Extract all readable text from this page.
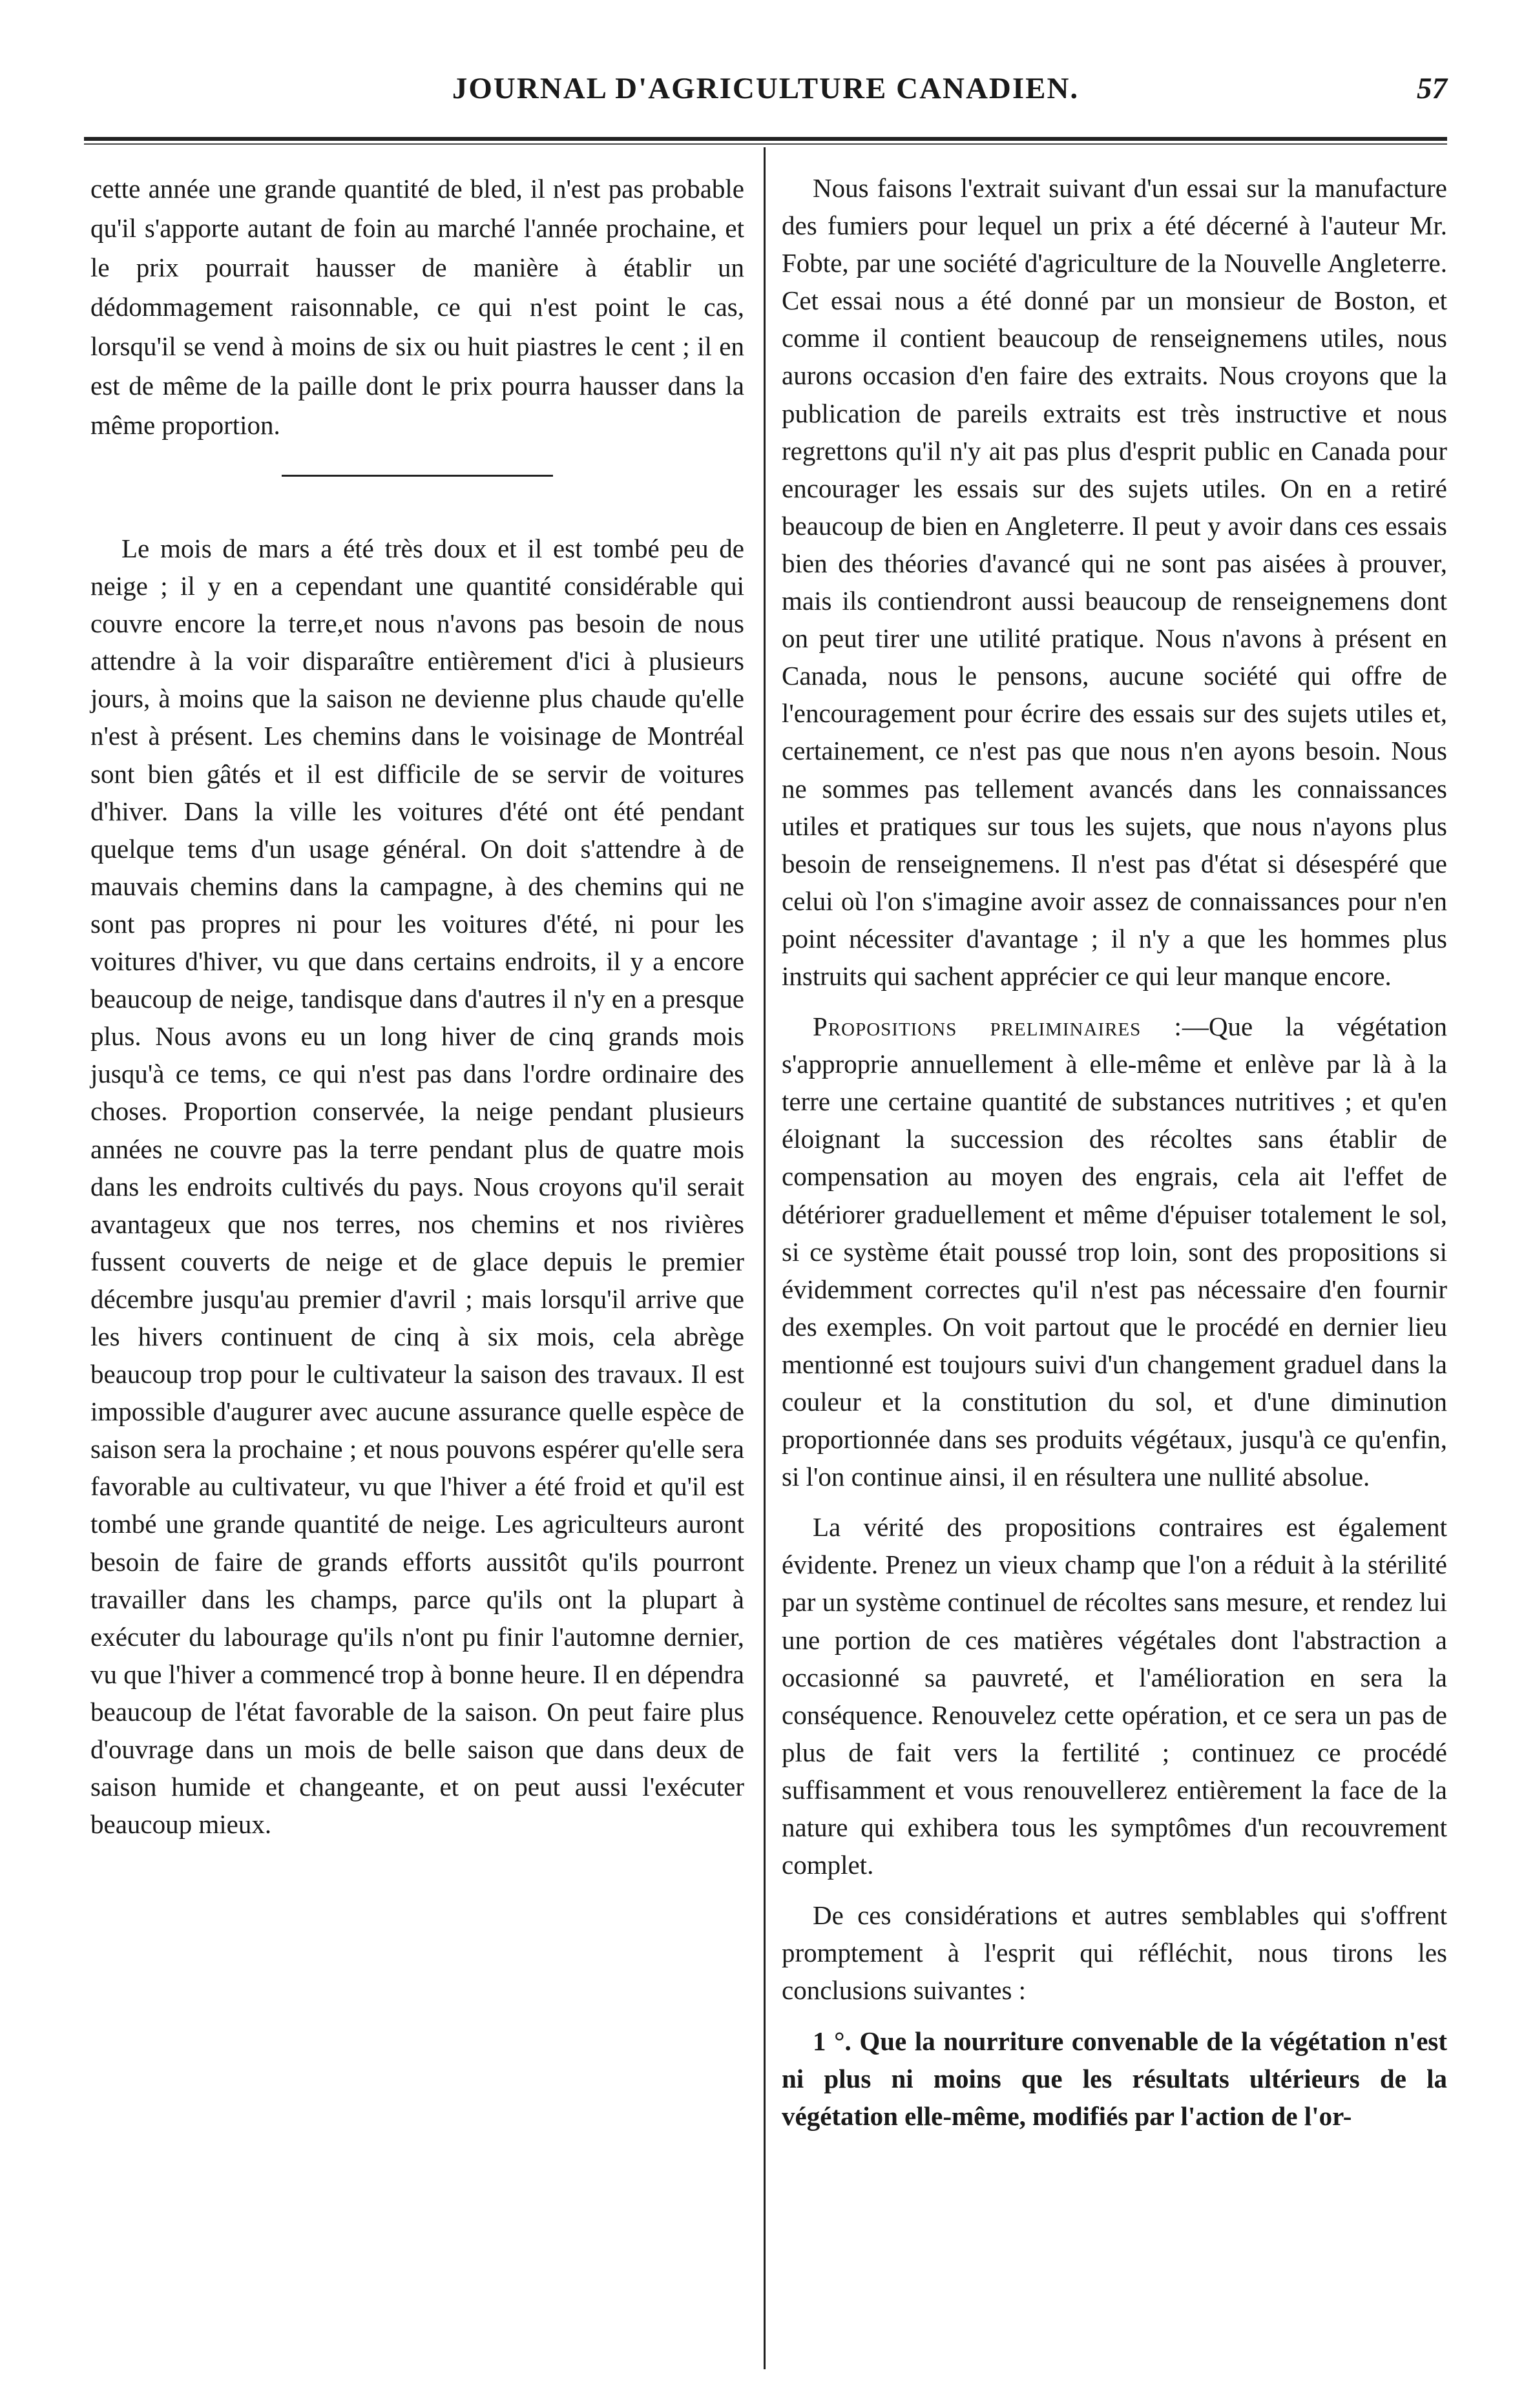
JOURNAL D'AGRICULTURE CANADIEN.	57

cette année une grande quantité de bled, il n'est pas probable qu'il s'apporte autant de foin au marché l'année prochaine, et le prix pourrait hausser de manière à établir un dédommagement raisonnable, ce qui n'est point le cas, lorsqu'il se vend à moins de six ou huit piastres le cent ; il en est de même de la paille dont le prix pourra hausser dans la même proportion.

Le mois de mars a été très doux et il est tombé peu de neige ; il y en a cependant une quantité considérable qui couvre encore la terre,et nous n'avons pas besoin de nous attendre à la voir disparaître entièrement d'ici à plusieurs jours, à moins que la saison ne devienne plus chaude qu'elle n'est à présent. Les chemins dans le voisinage de Montréal sont bien gâtés et il est difficile de se servir de voitures d'hiver. Dans la ville les voitures d'été ont été pendant quelque tems d'un usage général. On doit s'attendre à de mauvais chemins dans la campagne, à des chemins qui ne sont pas propres ni pour les voitures d'été, ni pour les voitures d'hiver, vu que dans certains endroits, il y a encore beaucoup de neige, tandisque dans d'autres il n'y en a presque plus. Nous avons eu un long hiver de cinq grands mois jusqu'à ce tems, ce qui n'est pas dans l'ordre ordinaire des choses. Proportion conservée, la neige pendant plusieurs années ne couvre pas la terre pendant plus de quatre mois dans les endroits cultivés du pays. Nous croyons qu'il serait avantageux que nos terres, nos chemins et nos rivières fussent couverts de neige et de glace depuis le premier décembre jusqu'au premier d'avril ; mais lorsqu'il arrive que les hivers continuent de cinq à six mois, cela abrège beaucoup trop pour le cultivateur la saison des travaux. Il est impossible d'augurer avec aucune assurance quelle espèce de saison sera la prochaine ; et nous pouvons espérer qu'elle sera favorable au cultivateur, vu que l'hiver a été froid et qu'il est tombé une grande quantité de neige. Les agriculteurs auront besoin de faire de grands efforts aussitôt qu'ils pourront travailler dans les champs, parce qu'ils ont la plupart à exécuter du labourage qu'ils n'ont pu finir l'automne dernier, vu que l'hiver a commencé trop à bonne heure. Il en dépendra beaucoup de l'état favorable de la saison. On peut faire plus d'ouvrage dans un mois de belle saison que dans deux de saison humide et changeante, et on peut aussi l'exécuter beaucoup mieux.

Nous faisons l'extrait suivant d'un essai sur la manufacture des fumiers pour lequel un prix a été décerné à l'auteur Mr. Fobte, par une société d'agriculture de la Nouvelle Angleterre. Cet essai nous a été donné par un monsieur de Boston, et comme il contient beaucoup de renseignemens utiles, nous aurons occasion d'en faire des extraits. Nous croyons que la publication de pareils extraits est très instructive et nous regrettons qu'il n'y ait pas plus d'esprit public en Canada pour encourager les essais sur des sujets utiles. On en a retiré beaucoup de bien en Angleterre. Il peut y avoir dans ces essais bien des théories d'avancé qui ne sont pas aisées à prouver, mais ils contiendront aussi beaucoup de renseignemens dont on peut tirer une utilité pratique. Nous n'avons à présent en Canada, nous le pensons, aucune société qui offre de l'encouragement pour écrire des essais sur des sujets utiles et, certainement, ce n'est pas que nous n'en ayons besoin. Nous ne sommes pas tellement avancés dans les connaissances utiles et pratiques sur tous les sujets, que nous n'ayons plus besoin de renseignemens. Il n'est pas d'état si désespéré que celui où l'on s'imagine avoir assez de connaissances pour n'en point nécessiter d'avantage ; il n'y a que les hommes plus instruits qui sachent apprécier ce qui leur manque encore.

Propositions preliminaires :—Que la végétation s'approprie annuellement à elle-même et enlève par là à la terre une certaine quantité de substances nutritives ; et qu'en éloignant la succession des récoltes sans établir de compensation au moyen des engrais, cela ait l'effet de détériorer graduellement et même d'épuiser totalement le sol, si ce système était poussé trop loin, sont des propositions si évidemment correctes qu'il n'est pas nécessaire d'en fournir des exemples. On voit partout que le procédé en dernier lieu mentionné est toujours suivi d'un changement graduel dans la couleur et la constitution du sol, et d'une diminution proportionnée dans ses produits végétaux, jusqu'à ce qu'enfin, si l'on continue ainsi, il en résultera une nullité absolue.

La vérité des propositions contraires est également évidente. Prenez un vieux champ que l'on a réduit à la stérilité par un système continuel de récoltes sans mesure, et rendez lui une portion de ces matières végétales dont l'abstraction a occasionné sa pauvreté, et l'amélioration en sera la conséquence. Renouvelez cette opération, et ce sera un pas de plus de fait vers la fertilité ; continuez ce procédé suffisamment et vous renouvellerez entièrement la face de la nature qui exhibera tous les symptômes d'un recouvrement complet.

De ces considérations et autres semblables qui s'offrent promptement à l'esprit qui réfléchit, nous tirons les conclusions suivantes :

1 °. Que la nourriture convenable de la végétation n'est ni plus ni moins que les résultats ultérieurs de la végétation elle-même, modifiés par l'action de l'or-
